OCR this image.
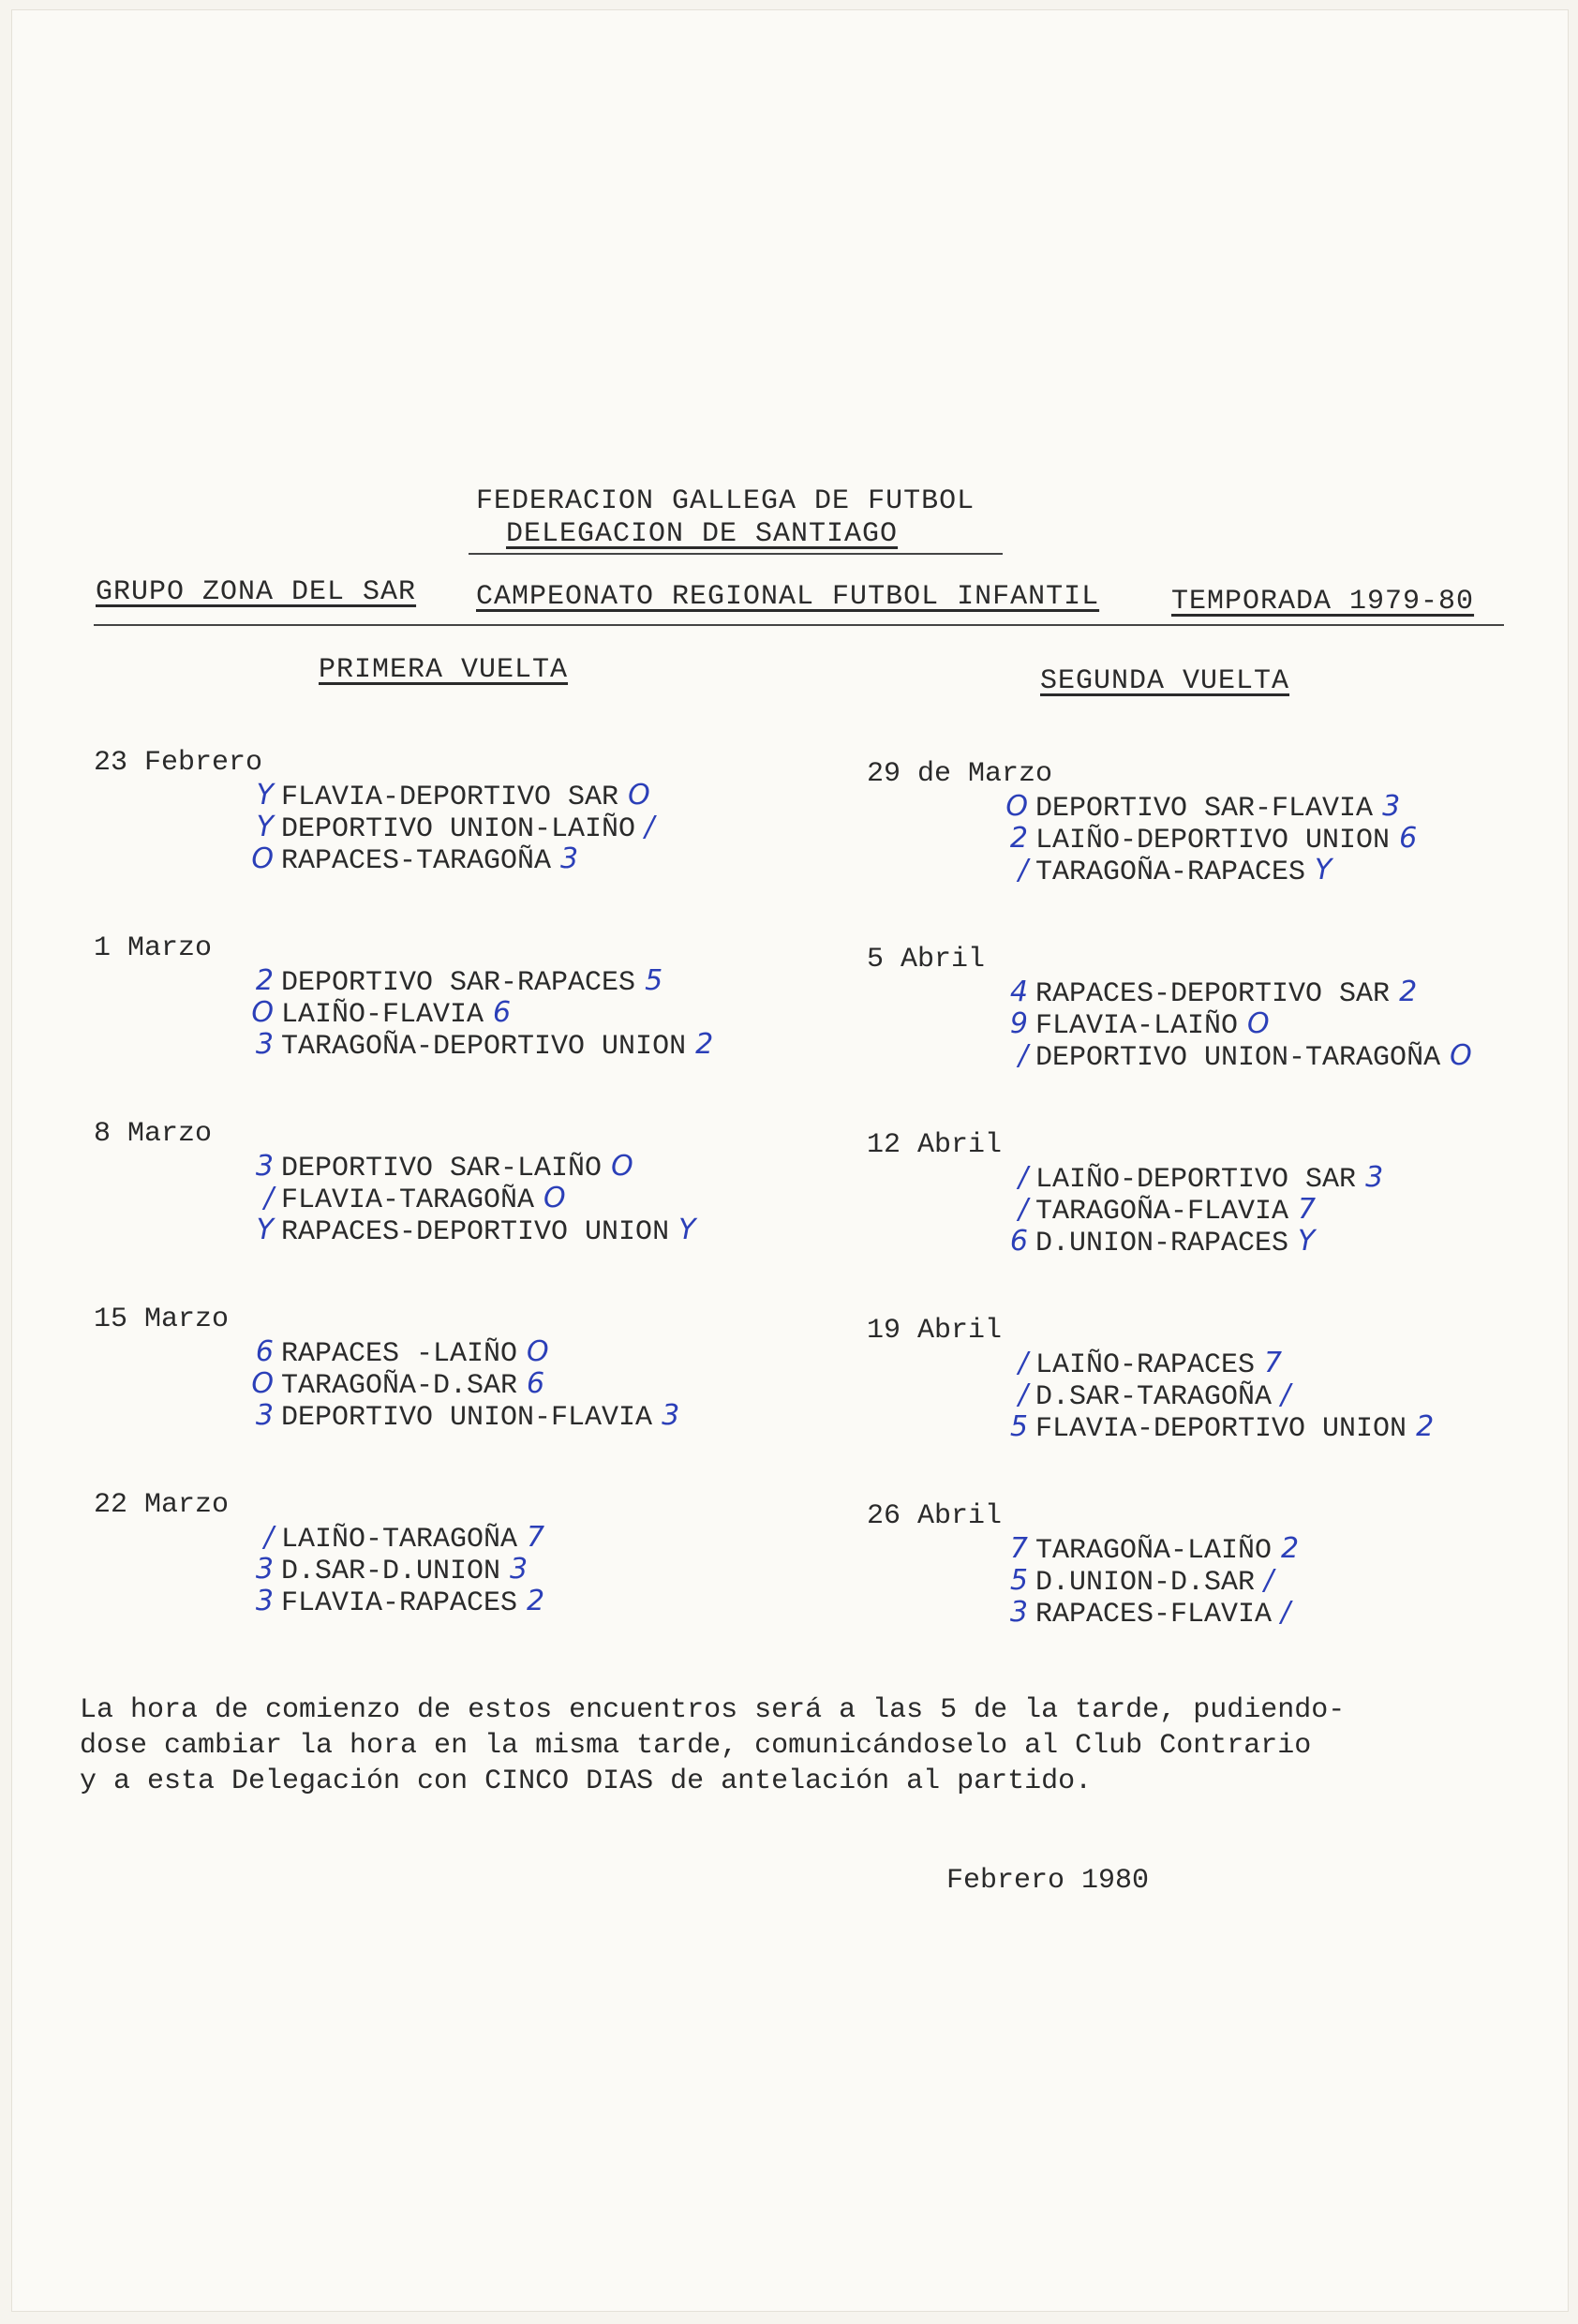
FEDERACION GALLEGA DE FUTBOL
DELEGACION DE SANTIAGO
GRUPO ZONA DEL SAR CAMPEONATO REGIONAL FUTBOL INFANTIL	TEMPORADA 1979-80
PRIMERA VUELTA	SEGUNDA VUELTA
23 Febrero
Y FLAVIA-DEPORTIVO SAR O
Y DEPORTIVO UNION-LAIÑO /
O RAPACES-TARAGOÑA 3
1 Marzo
2 DEPORTIVO SAR-RAPACES 5
O LAIÑO-FLAVIA 6
3 TARAGOÑA-DEPORTIVO UNION 2
8 Marzo
3 DEPORTIVO SAR-LAIÑO O
/ FLAVIA-TARAGOÑA O
Y RAPACES-DEPORTIVO UNION Y
15 Marzo
6 RAPACES -LAIÑO O
O TARAGOÑA-D.SAR 6
3 DEPORTIVO UNION-FLAVIA 3
22 Marzo
/ LAIÑO-TARAGOÑA 7
3 D.SAR-D.UNION 3
3 FLAVIA-RAPACES 2
29 de Marzo
O DEPORTIVO SAR-FLAVIA 3
2 LAIÑO-DEPORTIVO UNION 6
/ TARAGOÑA-RAPACES Y
5 Abril
4 RAPACES-DEPORTIVO SAR 2
9 FLAVIA-LAIÑO O
/ DEPORTIVO UNION-TARAGOÑA O
12 Abril
/ LAIÑO-DEPORTIVO SAR 3
/ TARAGOÑA-FLAVIA 7
6 D.UNION-RAPACES Y
19 Abril
/ LAIÑO-RAPACES 7
/ D.SAR-TARAGOÑA /
5 FLAVIA-DEPORTIVO UNION 2
26 Abril
7 TARAGOÑA-LAIÑO 2
5 D.UNION-D.SAR /
3 RAPACES-FLAVIA /

La hora de comienzo de estos encuentros será a las 5 de la tarde, pudiendo-

dose cambiar la hora en la misma tarde, comunicándoselo al Club Contrario

y a esta Delegación con CINCO DIAS de antelación al partido.

Febrero 1980
